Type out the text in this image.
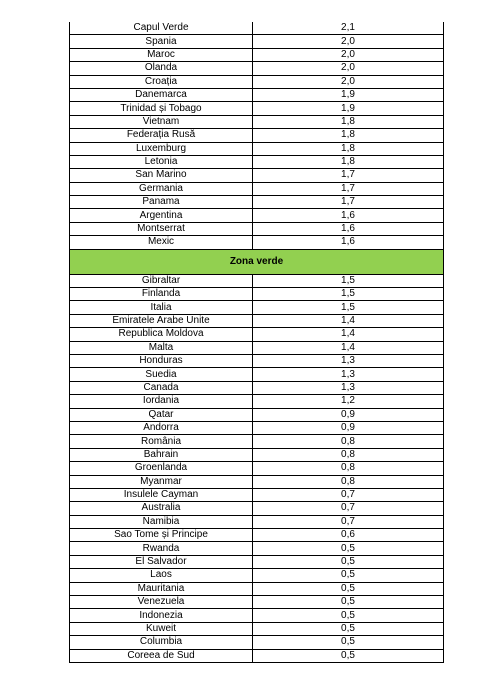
Capul Verde	2,1
Spania	2,0
Maroc	2,0
Olanda	2,0
Croația	2,0
Danemarca	1,9
Trinidad și Tobago	1,9
Vietnam	1,8
Federația Rusă	1,8
Luxemburg	1,8
Letonia	1,8
San Marino	1,7
Germania	1,7
Panama	1,7
Argentina	1,6
Montserrat	1,6
Mexic	1,6
Zona verde	
Gibraltar	1,5
Finlanda	1,5
Italia	1,5
Emiratele Arabe Unite	1,4
Republica Moldova	1,4
Malta	1,4
Honduras	1,3
Suedia	1,3
Canada	1,3
Iordania	1,2
Qatar	0,9
Andorra	0,9
România	0,8
Bahrain	0,8
Groenlanda	0,8
Myanmar	0,8
Insulele Cayman	0,7
Australia	0,7
Namibia	0,7
Sao Tome și Principe	0,6
Rwanda	0,5
El Salvador	0,5
Laos	0,5
Mauritania	0,5
Venezuela	0,5
Indonezia	0,5
Kuweit	0,5
Columbia	0,5
Coreea de Sud	0,5
